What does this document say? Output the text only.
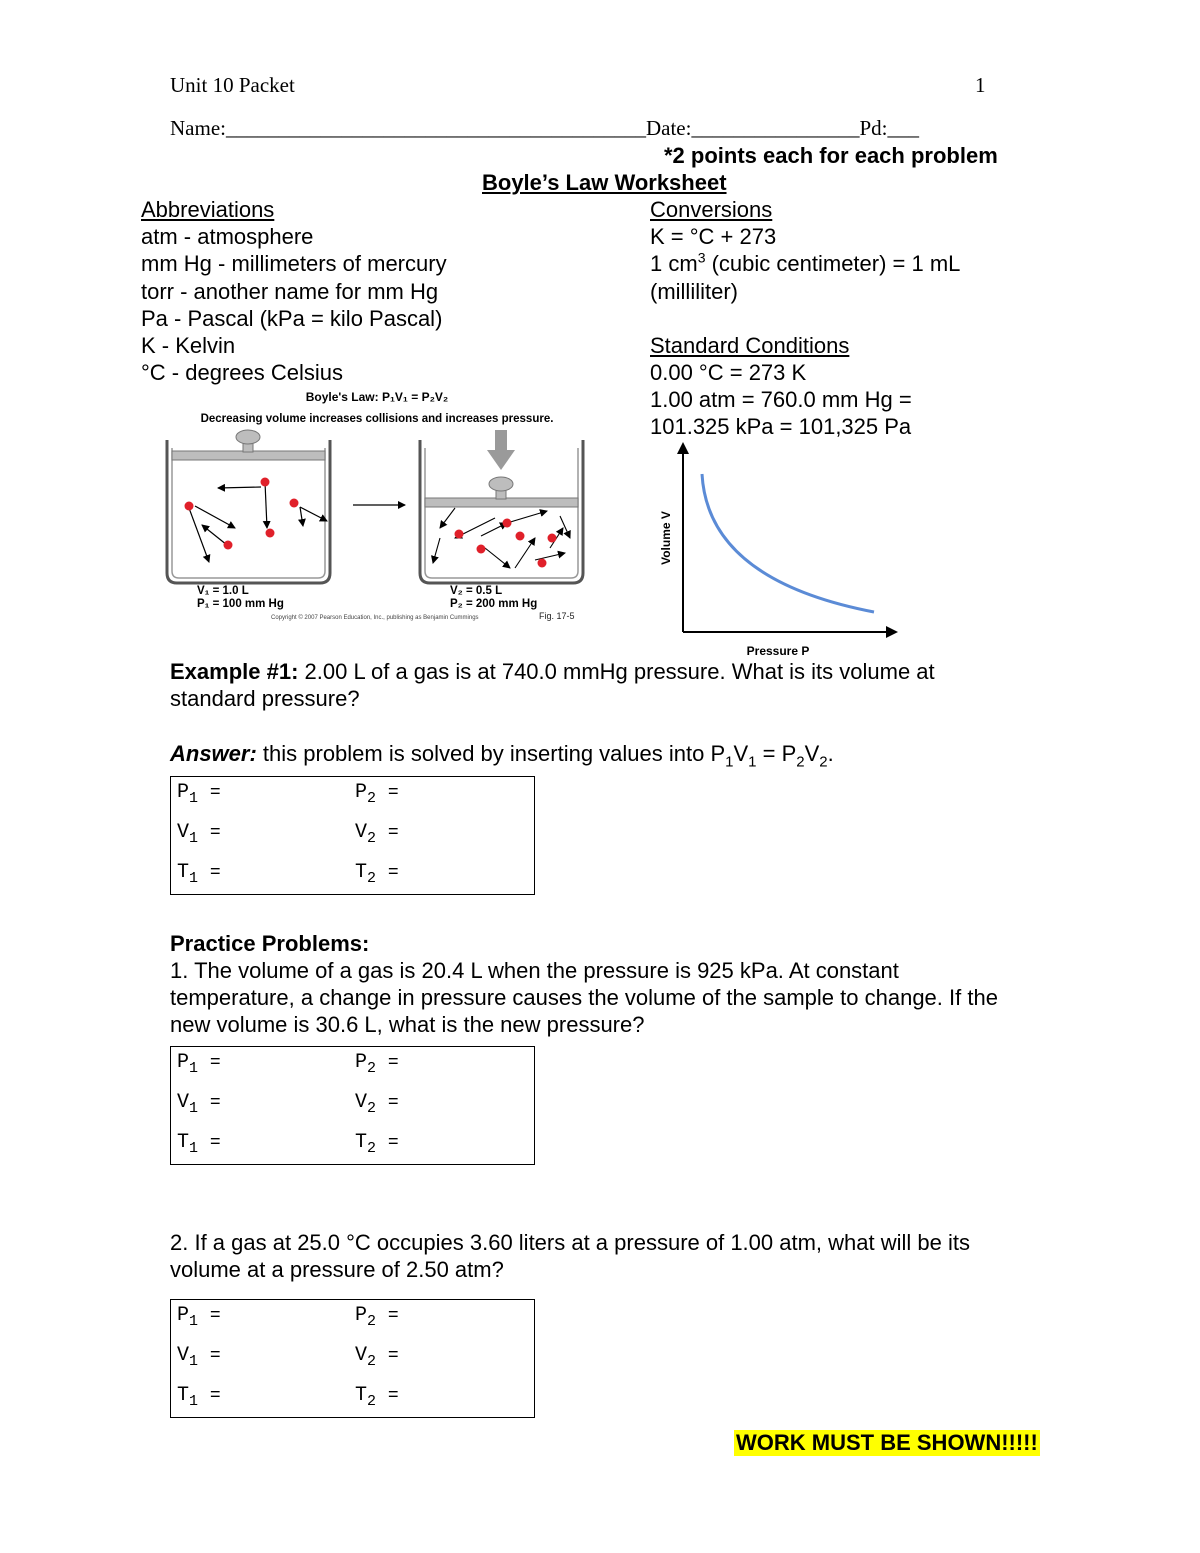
Unit 10 Packet	1
Name:________________________________________Date:________________Pd:___
*2 points each for each problem
Boyle’s Law Worksheet
Abbreviations
atm - atmosphere
mm Hg - millimeters of mercury
torr - another name for mm Hg
Pa - Pascal (kPa = kilo Pascal)
K - Kelvin
°C - degrees Celsius
Conversions
K = °C + 273
1 $cm^3$ (cubic centimeter) = 1 mL
(milliliter)
Standard Conditions
0.00 °C = 273 K
1.00 atm = 760.0 mm Hg =
101.325 kPa = 101,325 Pa
Boyle's Law: P₁V₁ = P₂V₂
Decreasing volume increases collisions and increases pressure.
V₁ = 1.0 L
P₁ = 100 mm Hg
V₂ = 0.5 L
P₂ = 200 mm Hg
Copyright © 2007 Pearson Education, Inc., publishing as Benjamin Cummings	Fig. 17-5
Volume V
Pressure P
Example #1: 2.00 L of a gas is at 740.0 mmHg pressure. What is its volume at
standard pressure?
Answer: this problem is solved by inserting values into $P_1V_1 = P_2V_2$.
$P_1$ =	$P_2$ =
$V_1$ =	$V_2$ =
$T_1$ =	$T_2$ =
Practice Problems:
1. The volume of a gas is 20.4 L when the pressure is 925 kPa. At constant
temperature, a change in pressure causes the volume of the sample to change. If the
new volume is 30.6 L, what is the new pressure?
$P_1$ =	$P_2$ =
$V_1$ =	$V_2$ =
$T_1$ =	$T_2$ =
2. If a gas at 25.0 °C occupies 3.60 liters at a pressure of 1.00 atm, what will be its
volume at a pressure of 2.50 atm?
$P_1$ =	$P_2$ =
$V_1$ =	$V_2$ =
$T_1$ =	$T_2$ =
WORK MUST BE SHOWN!!!!!
